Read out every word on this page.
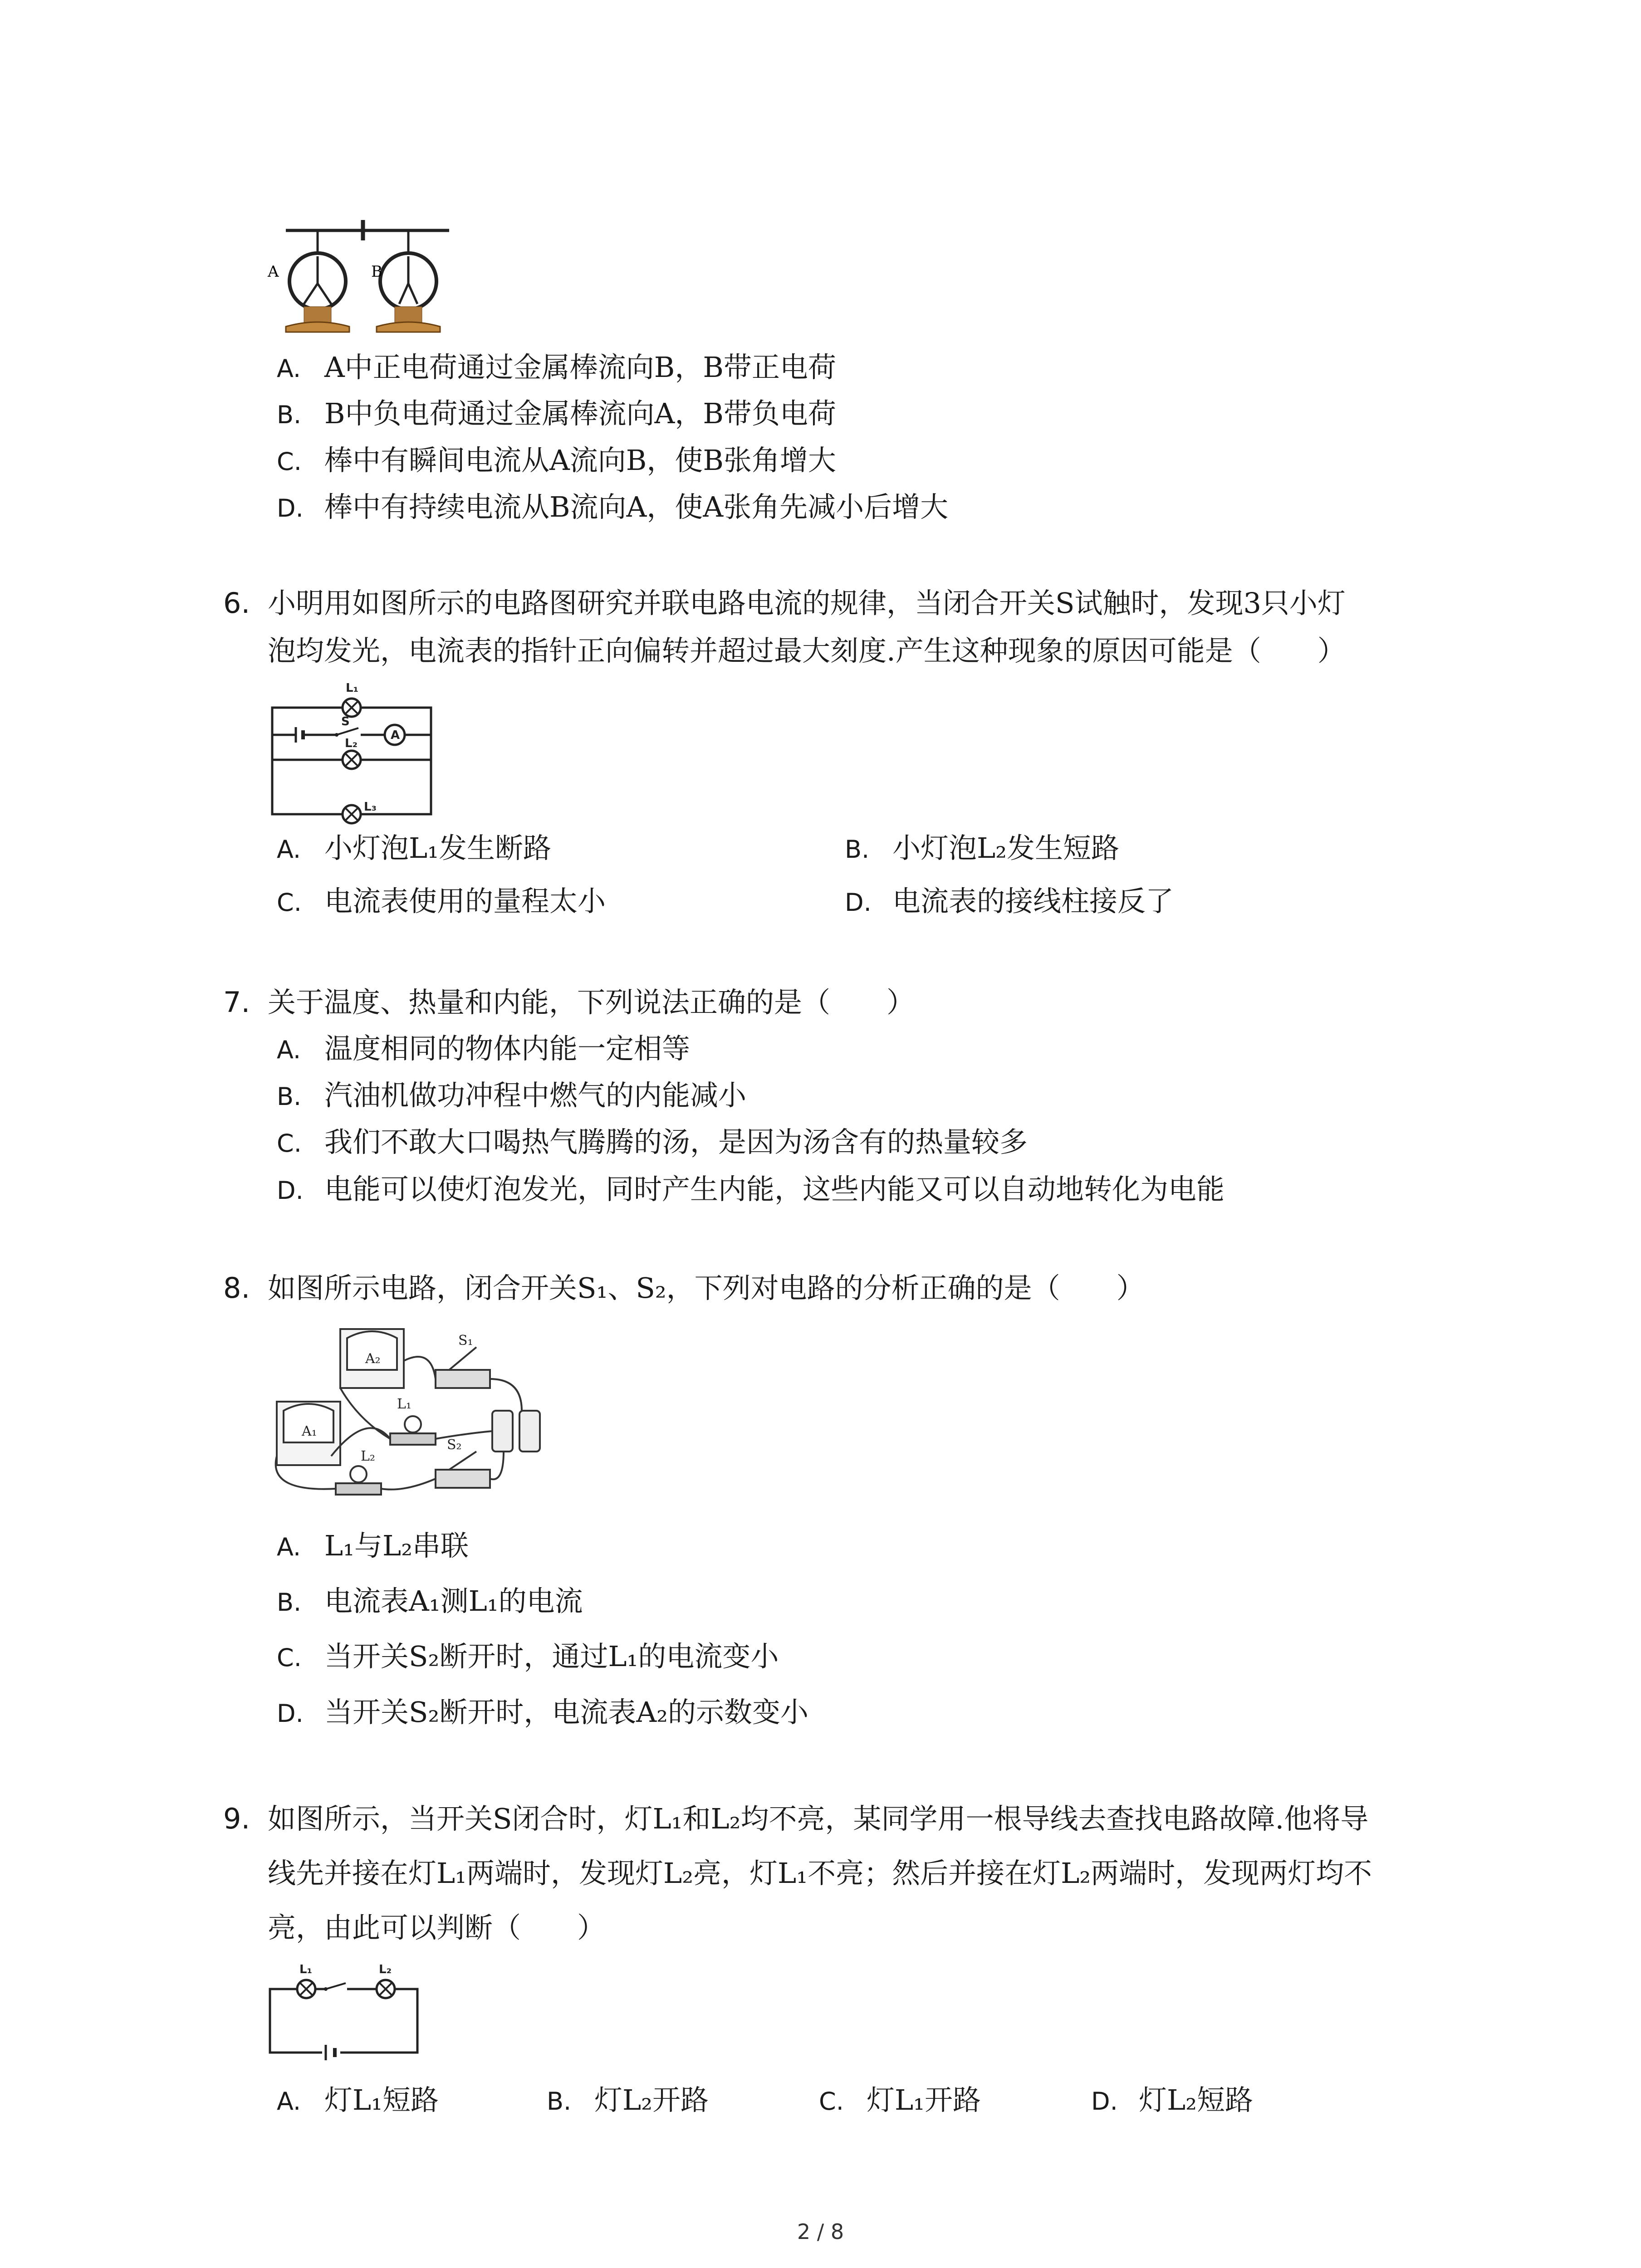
A	B
A. A中正电荷通过金属棒流向B，B带正电荷
B. B中负电荷通过金属棒流向A，B带负电荷
C. 棒中有瞬间电流从A流向B，使B张角增大
D. 棒中有持续电流从B流向A，使A张角先减小后增大
6. 小明用如图所示的电路图研究并联电路电流的规律，当闭合开关S试触时，发现3只小灯
泡均发光，电流表的指针正向偏转并超过最大刻度.产生这种现象的原因可能是（　　）
L₁
S
A
L₂
L₃
A. 小灯泡L₁发生断路	B. 小灯泡L₂发生短路
C. 电流表使用的量程太小	D. 电流表的接线柱接反了
7. 关于温度、热量和内能，下列说法正确的是（　　）
A. 温度相同的物体内能一定相等
B. 汽油机做功冲程中燃气的内能减小
C. 我们不敢大口喝热气腾腾的汤，是因为汤含有的热量较多
D. 电能可以使灯泡发光，同时产生内能，这些内能又可以自动地转化为电能
8. 如图所示电路，闭合开关S₁、S₂，下列对电路的分析正确的是（　　）
A₂
A₁
S₁
S₂
L₁
L₂
A. L₁与L₂串联
B. 电流表A₁测L₁的电流
C. 当开关S₂断开时，通过L₁的电流变小
D. 当开关S₂断开时，电流表A₂的示数变小
9. 如图所示，当开关S闭合时，灯L₁和L₂均不亮，某同学用一根导线去查找电路故障.他将导
线先并接在灯L₁两端时，发现灯L₂亮，灯L₁不亮；然后并接在灯L₂两端时，发现两灯均不
亮，由此可以判断（　　）
L₁	L₂
A. 灯L₁短路	B. 灯L₂开路	C. 灯L₁开路	D. 灯L₂短路
2 / 8
